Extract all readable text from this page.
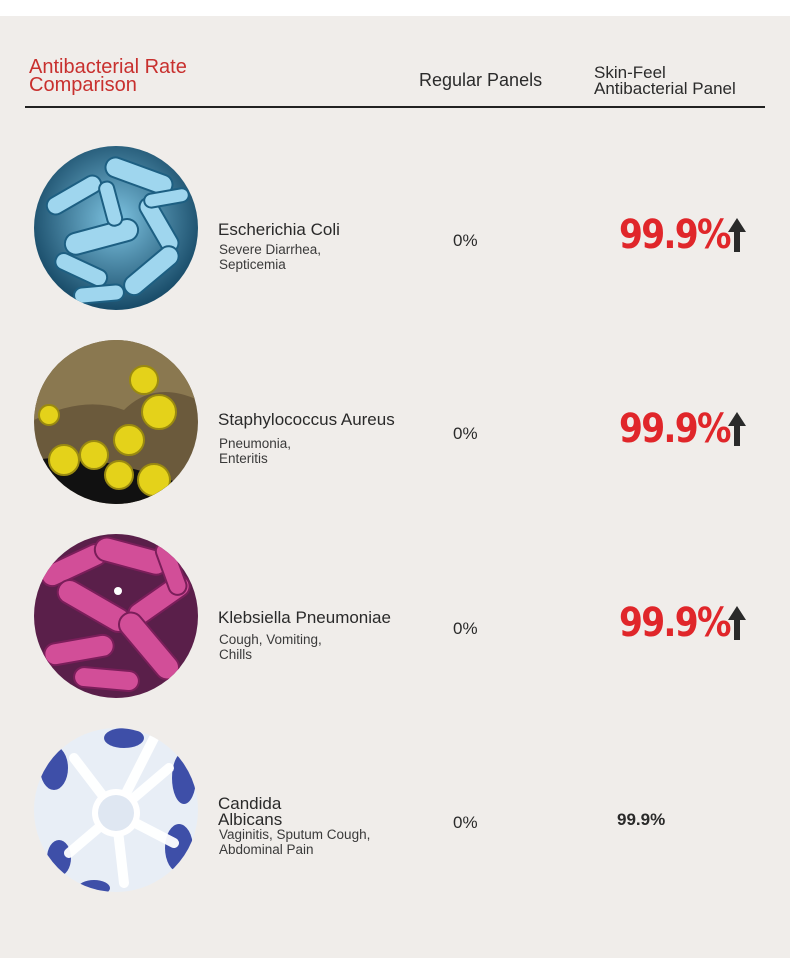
Antibacterial Rate
Comparison	Regular Panels	Skin-Feel
Antibacterial Panel
Escherichia Coli
Severe Diarrhea,
Septicemia
0%	99.9%
Staphylococcus Aureus
Pneumonia,
Enteritis
0%	99.9%
Klebsiella Pneumoniae
Cough, Vomiting,
Chills
0%	99.9%
Candida
Albicans
Vaginitis, Sputum Cough,
Abdominal Pain
0%	99.9%
